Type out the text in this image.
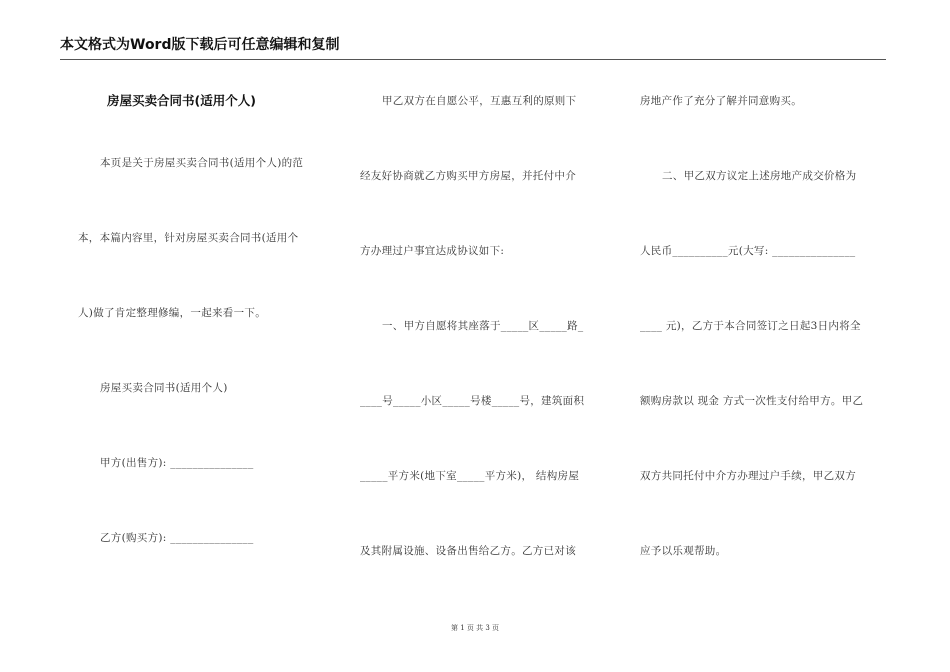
本文格式为Word版下载后可任意编辑和复制
房屋买卖合同书(适用个人)
本页是关于房屋买卖合同书(适用个人)的范
本，本篇内容里，针对房屋买卖合同书(适用个
人)做了肯定整理修编，一起来看一下。
房屋买卖合同书(适用个人)
甲方(出售方): _______________
乙方(购买方): _______________
甲乙双方在自愿公平，互惠互利的原则下
经友好协商就乙方购买甲方房屋，并托付中介
方办理过户事宜达成协议如下:
一、甲方自愿将其座落于_____区_____路_
____号_____小区_____号楼_____号，建筑面积
_____平方米(地下室_____平方米)， 结构房屋
及其附属设施、设备出售给乙方。乙方已对该
房地产作了充分了解并同意购买。
二、甲乙双方议定上述房地产成交价格为
人民币__________元(大写: _______________
____ 元)，乙方于本合同签订之日起3日内将全
额购房款以 现金 方式一次性支付给甲方。甲乙
双方共同托付中介方办理过户手续，甲乙双方
应予以乐观帮助。
第 1 页 共 3 页
